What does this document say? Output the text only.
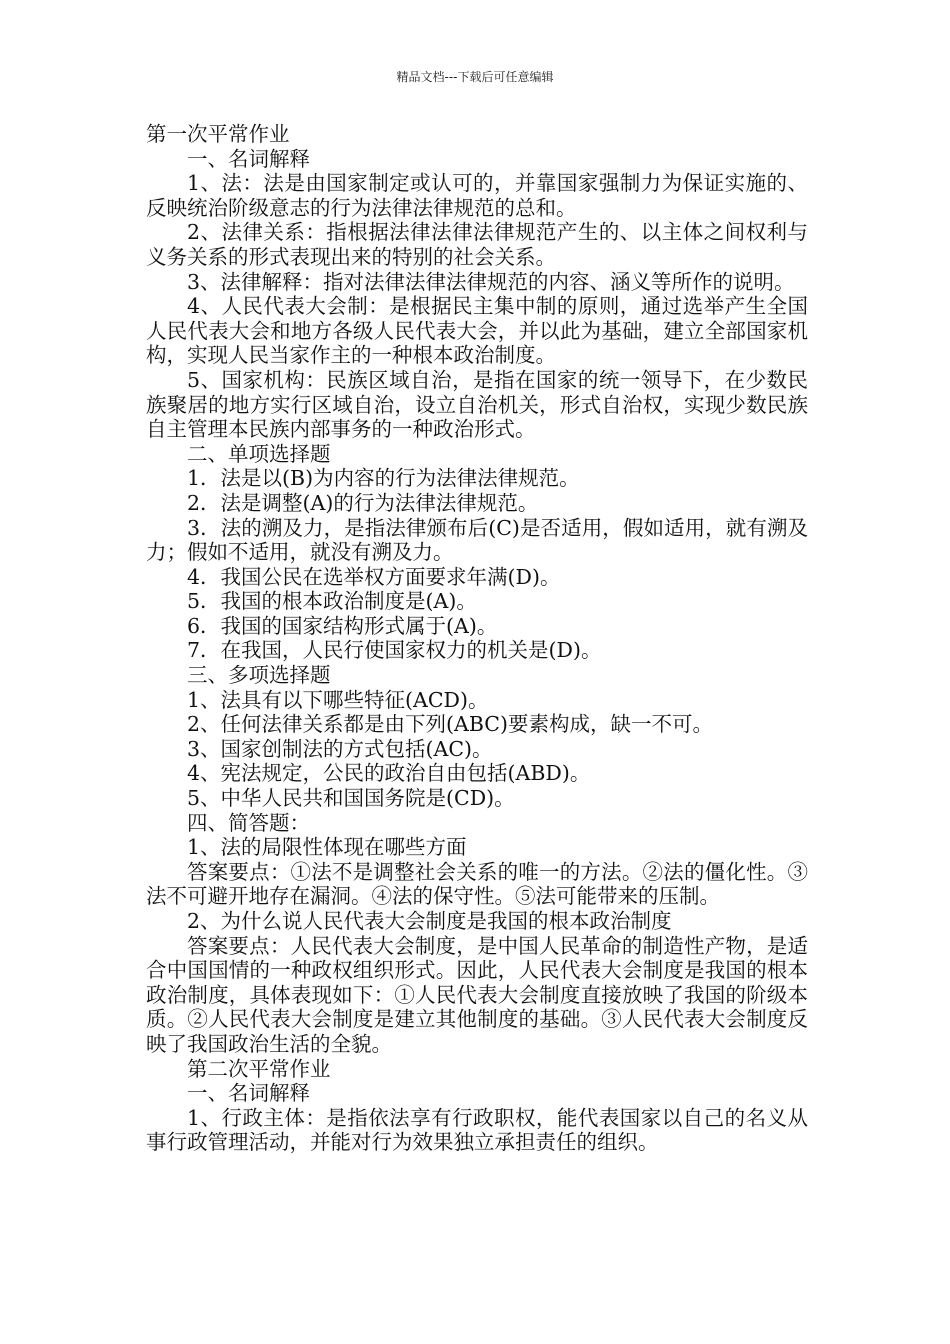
精品文档---下载后可任意编辑

第一次平常作业

一、名词解释

1、法：法是由国家制定或认可的，并靠国家强制力为保证实施的、反映统治阶级意志的行为法律法律规范的总和。

2、法律关系：指根据法律法律法律规范产生的、以主体之间权利与义务关系的形式表现出来的特别的社会关系。

3、法律解释：指对法律法律法律规范的内容、涵义等所作的说明。

4、人民代表大会制：是根据民主集中制的原则，通过选举产生全国人民代表大会和地方各级人民代表大会，并以此为基础，建立全部国家机构，实现人民当家作主的一种根本政治制度。

5、国家机构：民族区域自治，是指在国家的统一领导下，在少数民族聚居的地方实行区域自治，设立自治机关，形式自治权，实现少数民族自主管理本民族内部事务的一种政治形式。

二、单项选择题

1．法是以(B)为内容的行为法律法律规范。

2．法是调整(A)的行为法律法律规范。

3．法的溯及力，是指法律颁布后(C)是否适用，假如适用，就有溯及力；假如不适用，就没有溯及力。

4．我国公民在选举权方面要求年满(D)。

5．我国的根本政治制度是(A)。

6．我国的国家结构形式属于(A)。

7．在我国，人民行使国家权力的机关是(D)。

三、多项选择题

1、法具有以下哪些特征(ACD)。

2、任何法律关系都是由下列(ABC)要素构成，缺一不可。

3、国家创制法的方式包括(AC)。

4、宪法规定，公民的政治自由包括(ABD)。

5、中华人民共和国国务院是(CD)。

四、简答题：

1、法的局限性体现在哪些方面

答案要点：①法不是调整社会关系的唯一的方法。②法的僵化性。③法不可避开地存在漏洞。④法的保守性。⑤法可能带来的压制。

2、为什么说人民代表大会制度是我国的根本政治制度

答案要点：人民代表大会制度，是中国人民革命的制造性产物，是适合中国国情的一种政权组织形式。因此，人民代表大会制度是我国的根本政治制度，具体表现如下：①人民代表大会制度直接放映了我国的阶级本质。②人民代表大会制度是建立其他制度的基础。③人民代表大会制度反映了我国政治生活的全貌。

第二次平常作业

一、名词解释

1、行政主体：是指依法享有行政职权，能代表国家以自己的名义从事行政管理活动，并能对行为效果独立承担责任的组织。
